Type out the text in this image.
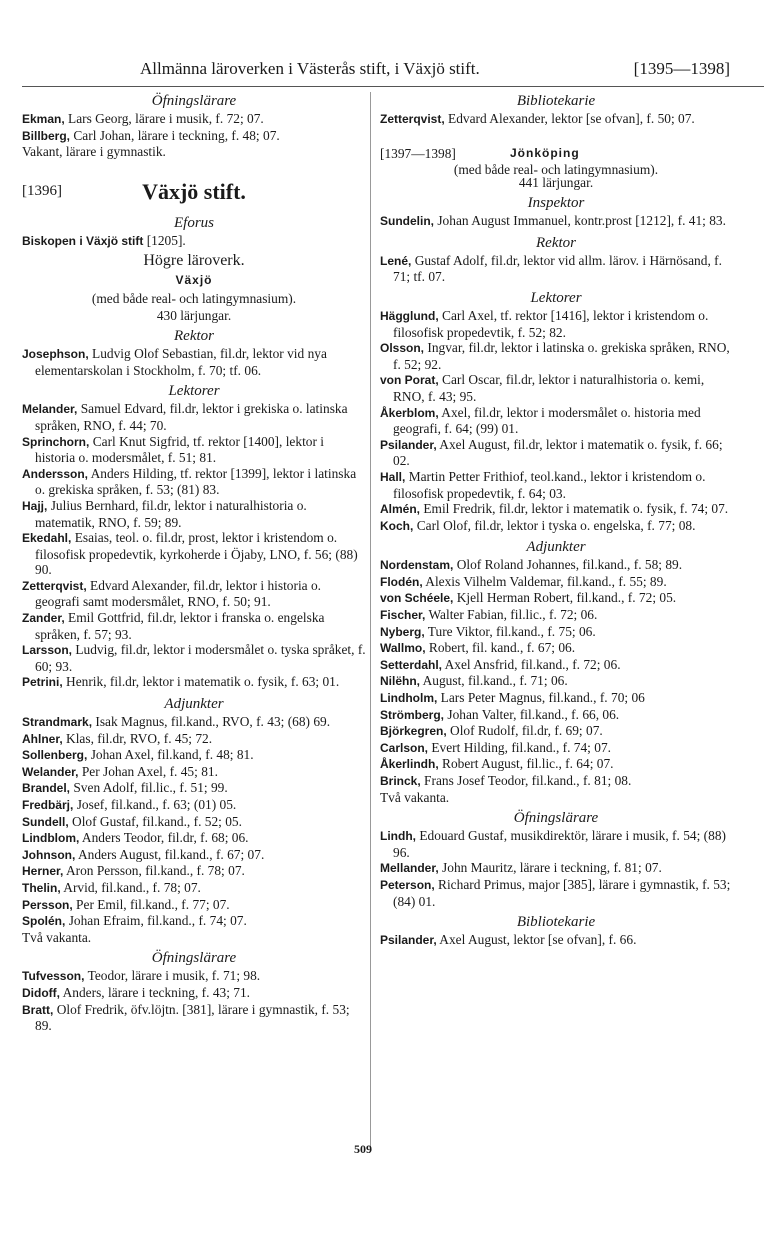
Allmänna läroverken i Västerås stift, i Växjö stift.	[1395—1398]
Öfningslärare

Ekman, Lars Georg, lärare i musik, f. 72; 07.

Billberg, Carl Johan, lärare i teckning, f. 48; 07.

Vakant, lärare i gymnastik.

[1396]	Växjö stift.
Eforus

Biskopen i Växjö stift [1205].

Högre läroverk.
Växjö
(med både real- och latingymnasium).
430 lärjungar.
Rektor

Josephson, Ludvig Olof Sebastian, fil.dr, lektor vid nya elementarskolan i Stockholm, f. 70; tf. 06.

Lektorer

Melander, Samuel Edvard, fil.dr, lektor i grekiska o. latinska språken, RNO, f. 44; 70.

Sprinchorn, Carl Knut Sigfrid, tf. rektor [1400], lektor i historia o. modersmålet, f. 51; 81.

Andersson, Anders Hilding, tf. rektor [1399], lektor i latinska o. grekiska språken, f. 53; (81) 83.

Hajj, Julius Bernhard, fil.dr, lektor i naturalhistoria o. matematik, RNO, f. 59; 89.

Ekedahl, Esaias, teol. o. fil.dr, prost, lektor i kristendom o. filosofisk propedevtik, kyrkoherde i Öjaby, LNO, f. 56; (88) 90.

Zetterqvist, Edvard Alexander, fil.dr, lektor i historia o. geografi samt modersmålet, RNO, f. 50; 91.

Zander, Emil Gottfrid, fil.dr, lektor i franska o. engelska språken, f. 57; 93.

Larsson, Ludvig, fil.dr, lektor i modersmålet o. tyska språket, f. 60; 93.

Petrini, Henrik, fil.dr, lektor i matematik o. fysik, f. 63; 01.

Adjunkter

Strandmark, Isak Magnus, fil.kand., RVO, f. 43; (68) 69.

Ahlner, Klas, fil.dr, RVO, f. 45; 72.

Sollenberg, Johan Axel, fil.kand, f. 48; 81.

Welander, Per Johan Axel, f. 45; 81.

Brandel, Sven Adolf, fil.lic., f. 51; 99.

Fredbärj, Josef, fil.kand., f. 63; (01) 05.

Sundell, Olof Gustaf, fil.kand., f. 52; 05.

Lindblom, Anders Teodor, fil.dr, f. 68; 06.

Johnson, Anders August, fil.kand., f. 67; 07.

Herner, Aron Persson, fil.kand., f. 78; 07.

Thelin, Arvid, fil.kand., f. 78; 07.

Persson, Per Emil, fil.kand., f. 77; 07.

Spolén, Johan Efraim, fil.kand., f. 74; 07.

Två vakanta.

Öfningslärare

Tufvesson, Teodor, lärare i musik, f. 71; 98.

Didoff, Anders, lärare i teckning, f. 43; 71.

Bratt, Olof Fredrik, öfv.löjtn. [381], lärare i gymnastik, f. 53; 89.

Bibliotekarie

Zetterqvist, Edvard Alexander, lektor [se ofvan], f. 50; 07.

[1397—1398]	Jönköping
(med både real- och latingymnasium).
441 lärjungar.
Inspektor

Sundelin, Johan August Immanuel, kontr.prost [1212], f. 41; 83.

Rektor

Lené, Gustaf Adolf, fil.dr, lektor vid allm. lärov. i Härnösand, f. 71; tf. 07.

Lektorer

Hägglund, Carl Axel, tf. rektor [1416], lektor i kristendom o. filosofisk propedevtik, f. 52; 82.

Olsson, Ingvar, fil.dr, lektor i latinska o. grekiska språken, RNO, f. 52; 92.

von Porat, Carl Oscar, fil.dr, lektor i naturalhistoria o. kemi, RNO, f. 43; 95.

Åkerblom, Axel, fil.dr, lektor i modersmålet o. historia med geografi, f. 64; (99) 01.

Psilander, Axel August, fil.dr, lektor i matematik o. fysik, f. 66; 02.

Hall, Martin Petter Frithiof, teol.kand., lektor i kristendom o. filosofisk propedevtik, f. 64; 03.

Almén, Emil Fredrik, fil.dr, lektor i matematik o. fysik, f. 74; 07.

Koch, Carl Olof, fil.dr, lektor i tyska o. engelska, f. 77; 08.

Adjunkter

Nordenstam, Olof Roland Johannes, fil.kand., f. 58; 89.

Flodén, Alexis Vilhelm Valdemar, fil.kand., f. 55; 89.

von Schéele, Kjell Herman Robert, fil.kand., f. 72; 05.

Fischer, Walter Fabian, fil.lic., f. 72; 06.

Nyberg, Ture Viktor, fil.kand., f. 75; 06.

Wallmo, Robert, fil. kand., f. 67; 06.

Setterdahl, Axel Ansfrid, fil.kand., f. 72; 06.

Nilëhn, August, fil.kand., f. 71; 06.

Lindholm, Lars Peter Magnus, fil.kand., f. 70; 06

Strömberg, Johan Valter, fil.kand., f. 66, 06.

Björkegren, Olof Rudolf, fil.dr, f. 69; 07.

Carlson, Evert Hilding, fil.kand., f. 74; 07.

Åkerlindh, Robert August, fil.lic., f. 64; 07.

Brinck, Frans Josef Teodor, fil.kand., f. 81; 08.

Två vakanta.

Öfningslärare

Lindh, Edouard Gustaf, musikdirektör, lärare i musik, f. 54; (88) 96.

Mellander, John Mauritz, lärare i teckning, f. 81; 07.

Peterson, Richard Primus, major [385], lärare i gymnastik, f. 53; (84) 01.

Bibliotekarie

Psilander, Axel August, lektor [se ofvan], f. 66.

509
